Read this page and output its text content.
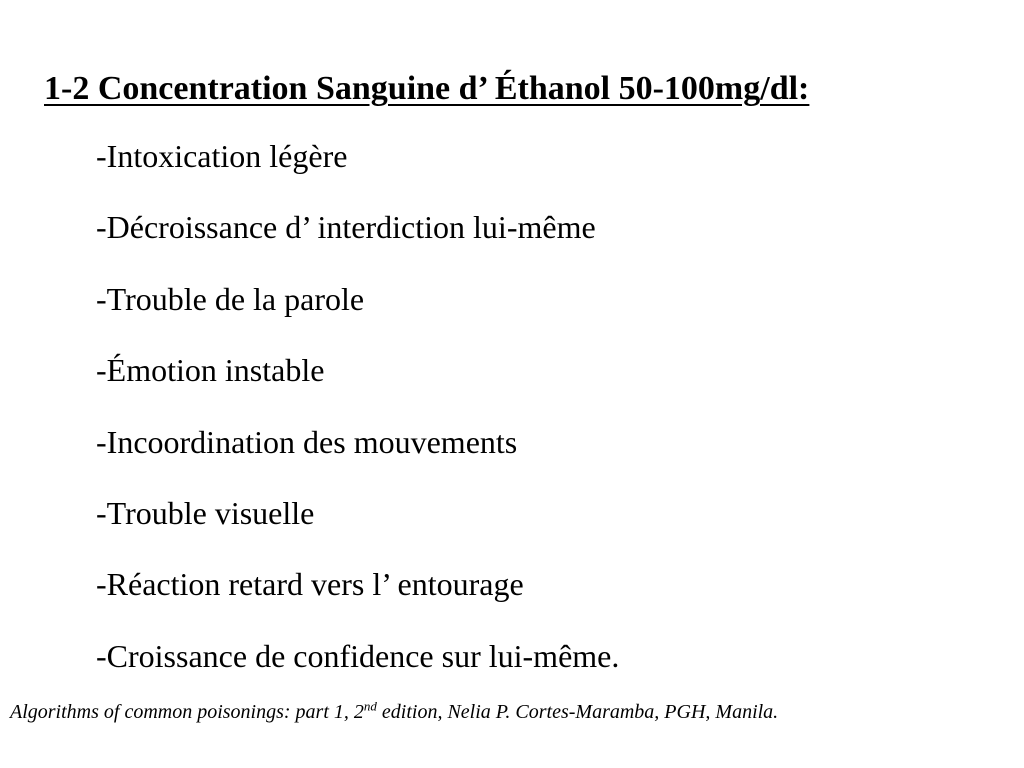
1-2 Concentration Sanguine d’ Éthanol 50-100mg/dl:
-Intoxication légère
-Décroissance d’ interdiction lui-même
-Trouble de la parole
-Émotion instable
-Incoordination des mouvements
-Trouble visuelle
-Réaction retard vers l’ entourage
-Croissance de confidence sur lui-même.

Algorithms of common poisonings: part 1, 2nd edition, Nelia P. Cortes-Maramba, PGH, Manila.
